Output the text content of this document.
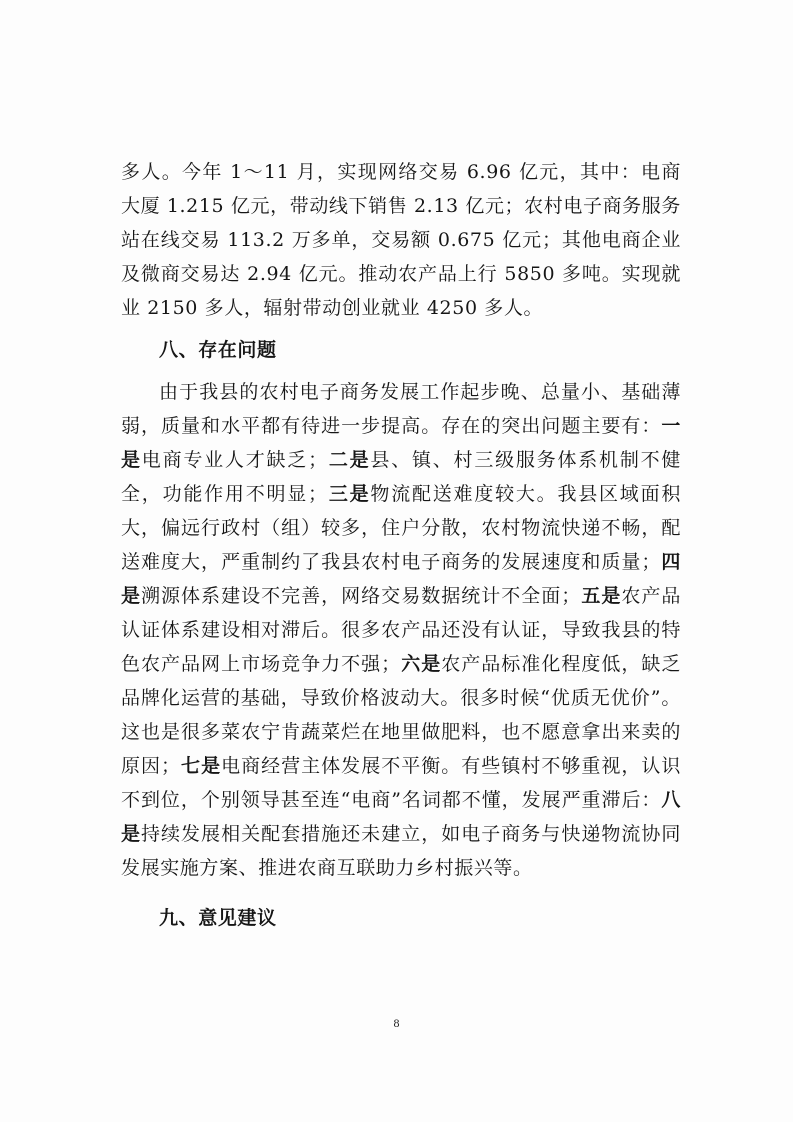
多人。今年 1～11 月，实现网络交易 6.96 亿元，其中：电商大厦 1.215 亿元，带动线下销售 2.13 亿元；农村电子商务服务站在线交易 113.2 万多单，交易额 0.675 亿元；其他电商企业及微商交易达 2.94 亿元。推动农产品上行 5850 多吨。实现就业 2150 多人，辐射带动创业就业 4250 多人。

八、存在问题

由于我县的农村电子商务发展工作起步晚、总量小、基础薄弱，质量和水平都有待进一步提高。存在的突出问题主要有：一是电商专业人才缺乏；二是县、镇、村三级服务体系机制不健全，功能作用不明显；三是物流配送难度较大。我县区域面积大，偏远行政村（组）较多，住户分散，农村物流快递不畅，配送难度大，严重制约了我县农村电子商务的发展速度和质量；四是溯源体系建设不完善，网络交易数据统计不全面；五是农产品认证体系建设相对滞后。很多农产品还没有认证，导致我县的特色农产品网上市场竞争力不强；六是农产品标准化程度低，缺乏品牌化运营的基础，导致价格波动大。很多时候“优质无优价”。这也是很多菜农宁肯蔬菜烂在地里做肥料，也不愿意拿出来卖的原因；七是电商经营主体发展不平衡。有些镇村不够重视，认识不到位，个别领导甚至连“电商”名词都不懂，发展严重滞后：八是持续发展相关配套措施还未建立，如电子商务与快递物流协同发展实施方案、推进农商互联助力乡村振兴等。

九、意见建议
8
